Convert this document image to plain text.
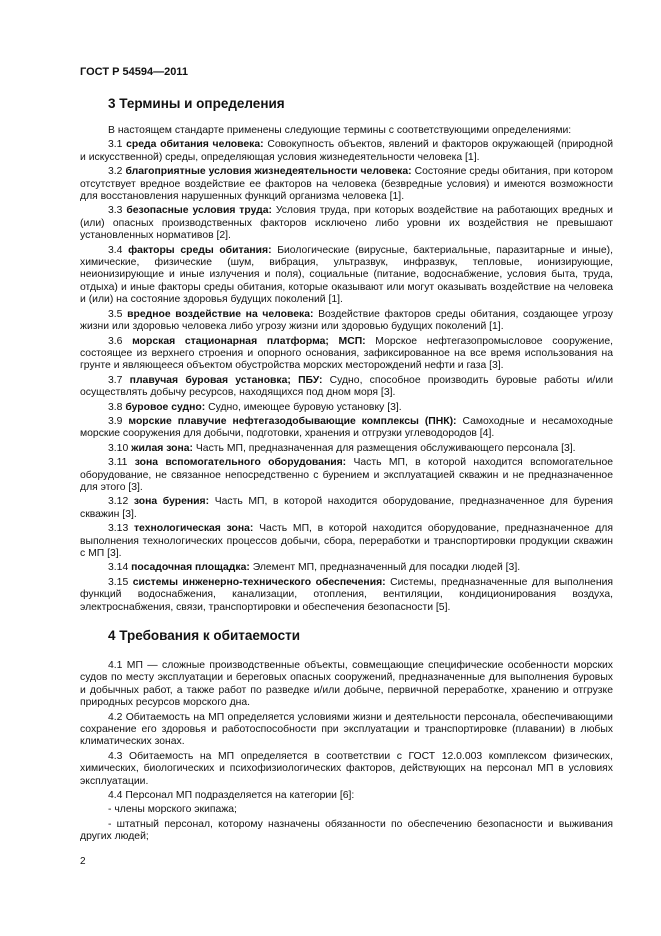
ГОСТ Р 54594—2011
3 Термины и определения

В настоящем стандарте применены следующие термины с соответствующими определениями:

3.1 среда обитания человека: Совокупность объектов, явлений и факторов окружающей (природной и искусственной) среды, определяющая условия жизнедеятельности человека [1].

3.2 благоприятные условия жизнедеятельности человека: Состояние среды обитания, при котором отсутствует вредное воздействие ее факторов на человека (безвредные условия) и имеются возможности для восстановления нарушенных функций организма человека [1].

3.3 безопасные условия труда: Условия труда, при которых воздействие на работающих вредных и (или) опасных производственных факторов исключено либо уровни их воздействия не превышают установленных нормативов [2].

3.4 факторы среды обитания: Биологические (вирусные, бактериальные, паразитарные и иные), химические, физические (шум, вибрация, ультразвук, инфразвук, тепловые, ионизирующие, неионизирующие и иные излучения и поля), социальные (питание, водоснабжение, условия быта, труда, отдыха) и иные факторы среды обитания, которые оказывают или могут оказывать воздействие на человека и (или) на состояние здоровья будущих поколений [1].

3.5 вредное воздействие на человека: Воздействие факторов среды обитания, создающее угрозу жизни или здоровью человека либо угрозу жизни или здоровью будущих поколений [1].

3.6 морская стационарная платформа; МСП: Морское нефтегазопромысловое сооружение, состоящее из верхнего строения и опорного основания, зафиксированное на все время использования на грунте и являющееся объектом обустройства морских месторождений нефти и газа [3].

3.7 плавучая буровая установка; ПБУ: Судно, способное производить буровые работы и/или осуществлять добычу ресурсов, находящихся под дном моря [3].

3.8 буровое судно: Судно, имеющее буровую установку [3].

3.9 морские плавучие нефтегазодобывающие комплексы (ПНК): Самоходные и несамоходные морские сооружения для добычи, подготовки, хранения и отгрузки углеводородов [4].

3.10 жилая зона: Часть МП, предназначенная для размещения обслуживающего персонала [3].

3.11 зона вспомогательного оборудования: Часть МП, в которой находится вспомогательное оборудование, не связанное непосредственно с бурением и эксплуатацией скважин и не предназначенное для этого [3].

3.12 зона бурения: Часть МП, в которой находится оборудование, предназначенное для бурения скважин [3].

3.13 технологическая зона: Часть МП, в которой находится оборудование, предназначенное для выполнения технологических процессов добычи, сбора, переработки и транспортировки продукции скважин с МП [3].

3.14 посадочная площадка: Элемент МП, предназначенный для посадки людей [3].

3.15 системы инженерно-технического обеспечения: Системы, предназначенные для выполнения функций водоснабжения, канализации, отопления, вентиляции, кондиционирования воздуха, электроснабжения, связи, транспортировки и обеспечения безопасности [5].

4 Требования к обитаемости

4.1 МП — сложные производственные объекты, совмещающие специфические особенности морских судов по месту эксплуатации и береговых опасных сооружений, предназначенные для выполнения буровых и добычных работ, а также работ по разведке и/или добыче, первичной переработке, хранению и отгрузке природных ресурсов морского дна.

4.2 Обитаемость на МП определяется условиями жизни и деятельности персонала, обеспечивающими сохранение его здоровья и работоспособности при эксплуатации и транспортировке (плавании) в любых климатических зонах.

4.3 Обитаемость на МП определяется в соответствии с ГОСТ 12.0.003 комплексом физических, химических, биологических и психофизиологических факторов, действующих на персонал МП в условиях эксплуатации.

4.4 Персонал МП подразделяется на категории [6]:

- члены морского экипажа;

- штатный персонал, которому назначены обязанности по обеспечению безопасности и выживания других людей;

2
